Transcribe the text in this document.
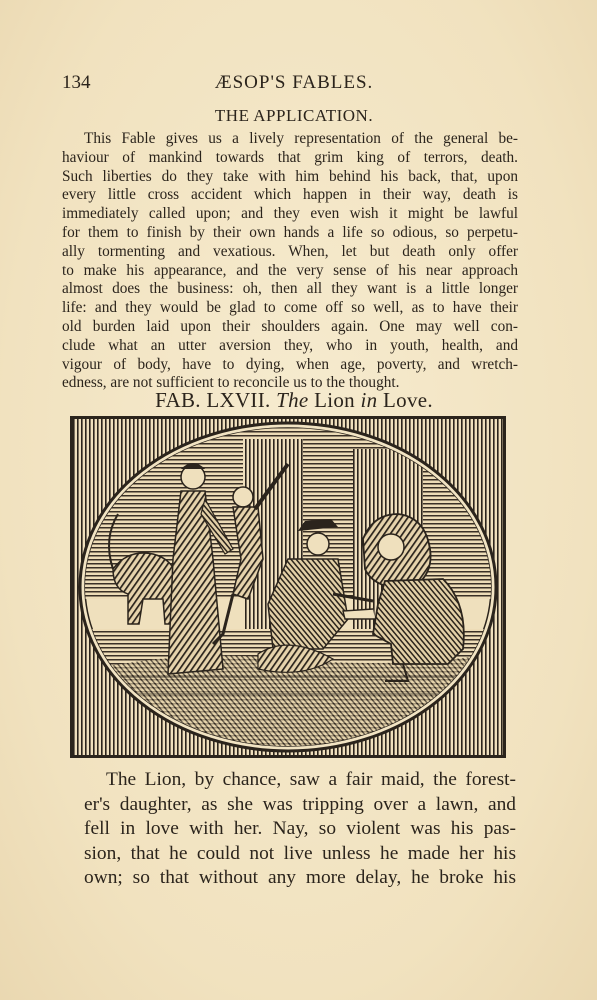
134	ÆSOP'S FABLES.
THE APPLICATION.
This Fable gives us a lively representation of the general be-
haviour of mankind towards that grim king of terrors, death.
Such liberties do they take with him behind his back, that, upon
every little cross accident which happen in their way, death is
immediately called upon; and they even wish it might be lawful
for them to finish by their own hands a life so odious, so perpetu-
ally tormenting and vexatious. When, let but death only offer
to make his appearance, and the very sense of his near approach
almost does the business: oh, then all they want is a little longer
life: and they would be glad to come off so well, as to have their
old burden laid upon their shoulders again. One may well con-
clude what an utter aversion they, who in youth, health, and
vigour of body, have to dying, when age, poverty, and wretch-
edness, are not sufficient to reconcile us to the thought.
FAB. LXVII. The Lion in Love.
The Lion, by chance, saw a fair maid, the forest-
er's daughter, as she was tripping over a lawn, and
fell in love with her. Nay, so violent was his pas-
sion, that he could not live unless he made her his
own; so that without any more delay, he broke his
